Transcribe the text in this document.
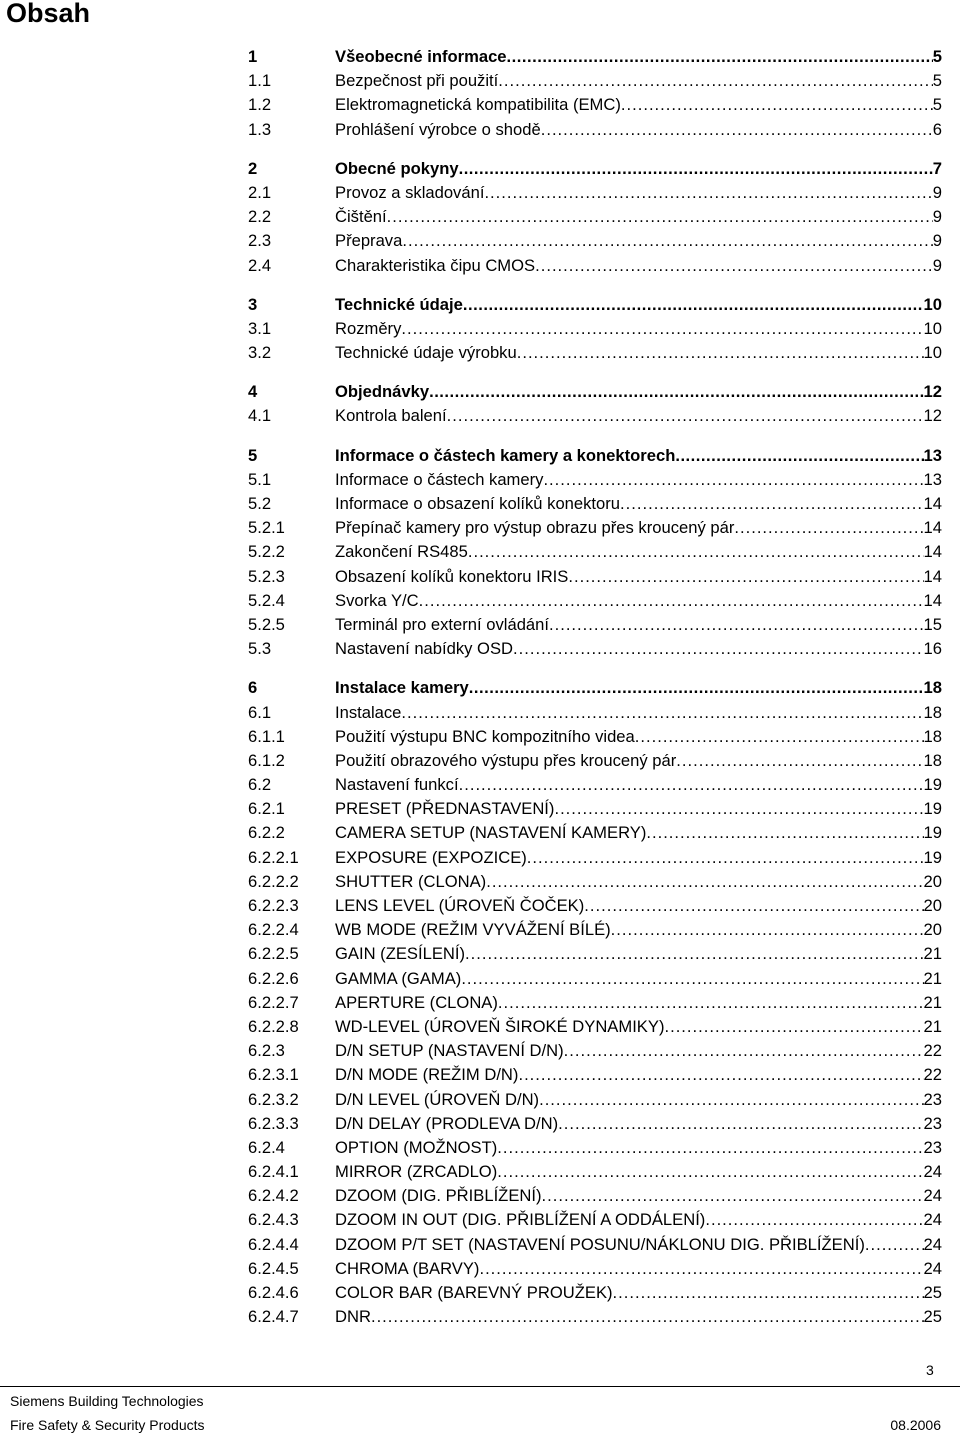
Obsah
1	Všeobecné informace .....	5
1.1	Bezpečnost při použití .....	5
1.2	Elektromagnetická kompatibilita (EMC) .....	5
1.3	Prohlášení výrobce o shodě .....	6
2	Obecné pokyny .....	7
2.1	Provoz a skladování .....	9
2.2	Čištění .....	9
2.3	Přeprava .....	9
2.4	Charakteristika čipu CMOS .....	9
3	Technické údaje .....	10
3.1	Rozměry .....	10
3.2	Technické údaje výrobku .....	10
4	Objednávky .....	12
4.1	Kontrola balení .....	12
5	Informace o částech kamery a konektorech .....	13
5.1	Informace o částech kamery .....	13
5.2	Informace o obsazení kolíků konektoru .....	14
5.2.1	Přepínač kamery pro výstup obrazu přes kroucený pár .....	14
5.2.2	Zakončení RS485 .....	14
5.2.3	Obsazení kolíků konektoru IRIS .....	14
5.2.4	Svorka Y/C .....	14
5.2.5	Terminál pro externí ovládání .....	15
5.3	Nastavení nabídky OSD .....	16
6	Instalace kamery .....	18
6.1	Instalace .....	18
6.1.1	Použití výstupu BNC kompozitního videa .....	18
6.1.2	Použití obrazového výstupu přes kroucený pár .....	18
6.2	Nastavení funkcí .....	19
6.2.1	PRESET (PŘEDNASTAVENÍ) .....	19
6.2.2	CAMERA SETUP (NASTAVENÍ KAMERY) .....	19
6.2.2.1	EXPOSURE (EXPOZICE) .....	19
6.2.2.2	SHUTTER (CLONA) .....	20
6.2.2.3	LENS LEVEL (ÚROVEŇ ČOČEK) .....	20
6.2.2.4	WB MODE (REŽIM VYVÁŽENÍ BÍLÉ) .....	20
6.2.2.5	GAIN (ZESÍLENÍ) .....	21
6.2.2.6	GAMMA (GAMA) .....	21
6.2.2.7	APERTURE (CLONA) .....	21
6.2.2.8	WD-LEVEL (ÚROVEŇ ŠIROKÉ DYNAMIKY) .....	21
6.2.3	D/N SETUP (NASTAVENÍ D/N) .....	22
6.2.3.1	D/N MODE (REŽIM D/N) .....	22
6.2.3.2	D/N LEVEL (ÚROVEŇ D/N) .....	23
6.2.3.3	D/N DELAY (PRODLEVA D/N) .....	23
6.2.4	OPTION (MOŽNOST) .....	23
6.2.4.1	MIRROR (ZRCADLO) .....	24
6.2.4.2	DZOOM (DIG. PŘIBLÍŽENÍ) .....	24
6.2.4.3	DZOOM IN OUT (DIG. PŘIBLÍŽENÍ A ODDÁLENÍ) .....	24
6.2.4.4	DZOOM P/T SET (NASTAVENÍ POSUNU/NÁKLONU DIG. PŘIBLÍŽENÍ) .....	24
6.2.4.5	CHROMA (BARVY) .....	24
6.2.4.6	COLOR BAR (BAREVNÝ PROUŽEK) .....	25
6.2.4.7	DNR .....	25
3
Siemens Building Technologies
Fire Safety & Security Products	08.2006
